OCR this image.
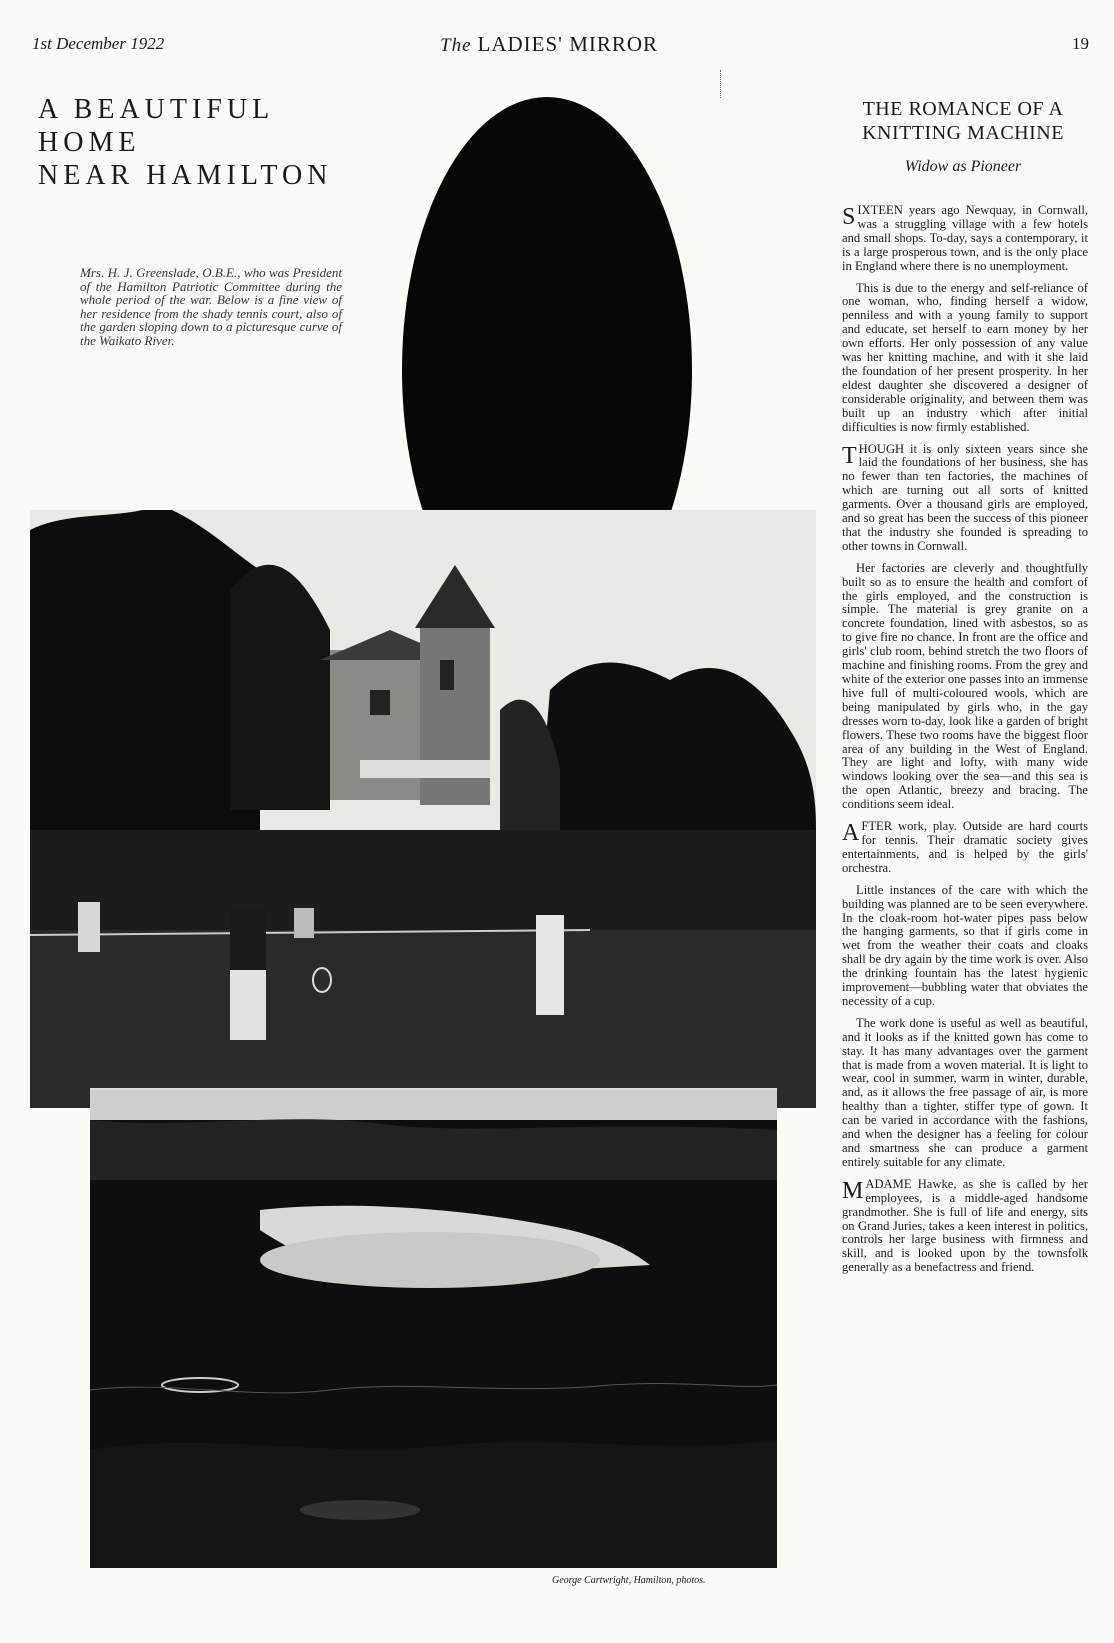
1st December 1922	The LADIES' MIRROR	19
A BEAUTIFUL HOME
NEAR HAMILTON
Mrs. H. J. Greenslade, O.B.E., who was President of the Hamilton Patriotic Committee during the whole period of the war. Below is a fine view of her residence from the shady tennis court, also of the garden sloping down to a picturesque curve of the Waikato River.
George Cartwright, Hamilton, photos.
THE ROMANCE OF A
KNITTING MACHINE
Widow as Pioneer

SIXTEEN years ago Newquay, in Cornwall, was a struggling village with a few hotels and small shops. To-day, says a contemporary, it is a large prosperous town, and is the only place in England where there is no unemployment.

This is due to the energy and self-reliance of one woman, who, finding herself a widow, penniless and with a young family to support and educate, set herself to earn money by her own efforts. Her only possession of any value was her knitting machine, and with it she laid the foundation of her present prosperity. In her eldest daughter she discovered a designer of considerable originality, and between them was built up an industry which after initial difficulties is now firmly established.

THOUGH it is only sixteen years since she laid the foundations of her business, she has no fewer than ten factories, the machines of which are turning out all sorts of knitted garments. Over a thousand girls are employed, and so great has been the success of this pioneer that the industry she founded is spreading to other towns in Cornwall.

Her factories are cleverly and thoughtfully built so as to ensure the health and comfort of the girls employed, and the construction is simple. The material is grey granite on a concrete foundation, lined with asbestos, so as to give fire no chance. In front are the office and girls' club room, behind stretch the two floors of machine and finishing rooms. From the grey and white of the exterior one passes into an immense hive full of multi-coloured wools, which are being manipulated by girls who, in the gay dresses worn to-day, look like a garden of bright flowers. These two rooms have the biggest floor area of any building in the West of England. They are light and lofty, with many wide windows looking over the sea—and this sea is the open Atlantic, breezy and bracing. The conditions seem ideal.

AFTER work, play. Outside are hard courts for tennis. Their dramatic society gives entertainments, and is helped by the girls' orchestra.

Little instances of the care with which the building was planned are to be seen everywhere. In the cloak-room hot-water pipes pass below the hanging garments, so that if girls come in wet from the weather their coats and cloaks shall be dry again by the time work is over. Also the drinking fountain has the latest hygienic improvement—bubbling water that obviates the necessity of a cup.

The work done is useful as well as beautiful, and it looks as if the knitted gown has come to stay. It has many advantages over the garment that is made from a woven material. It is light to wear, cool in summer, warm in winter, durable, and, as it allows the free passage of air, is more healthy than a tighter, stiffer type of gown. It can be varied in accordance with the fashions, and when the designer has a feeling for colour and smartness she can produce a garment entirely suitable for any climate.

MADAME Hawke, as she is called by her employees, is a middle-aged handsome grandmother. She is full of life and energy, sits on Grand Juries, takes a keen interest in politics, controls her large business with firmness and skill, and is looked upon by the townsfolk generally as a benefactress and friend.
